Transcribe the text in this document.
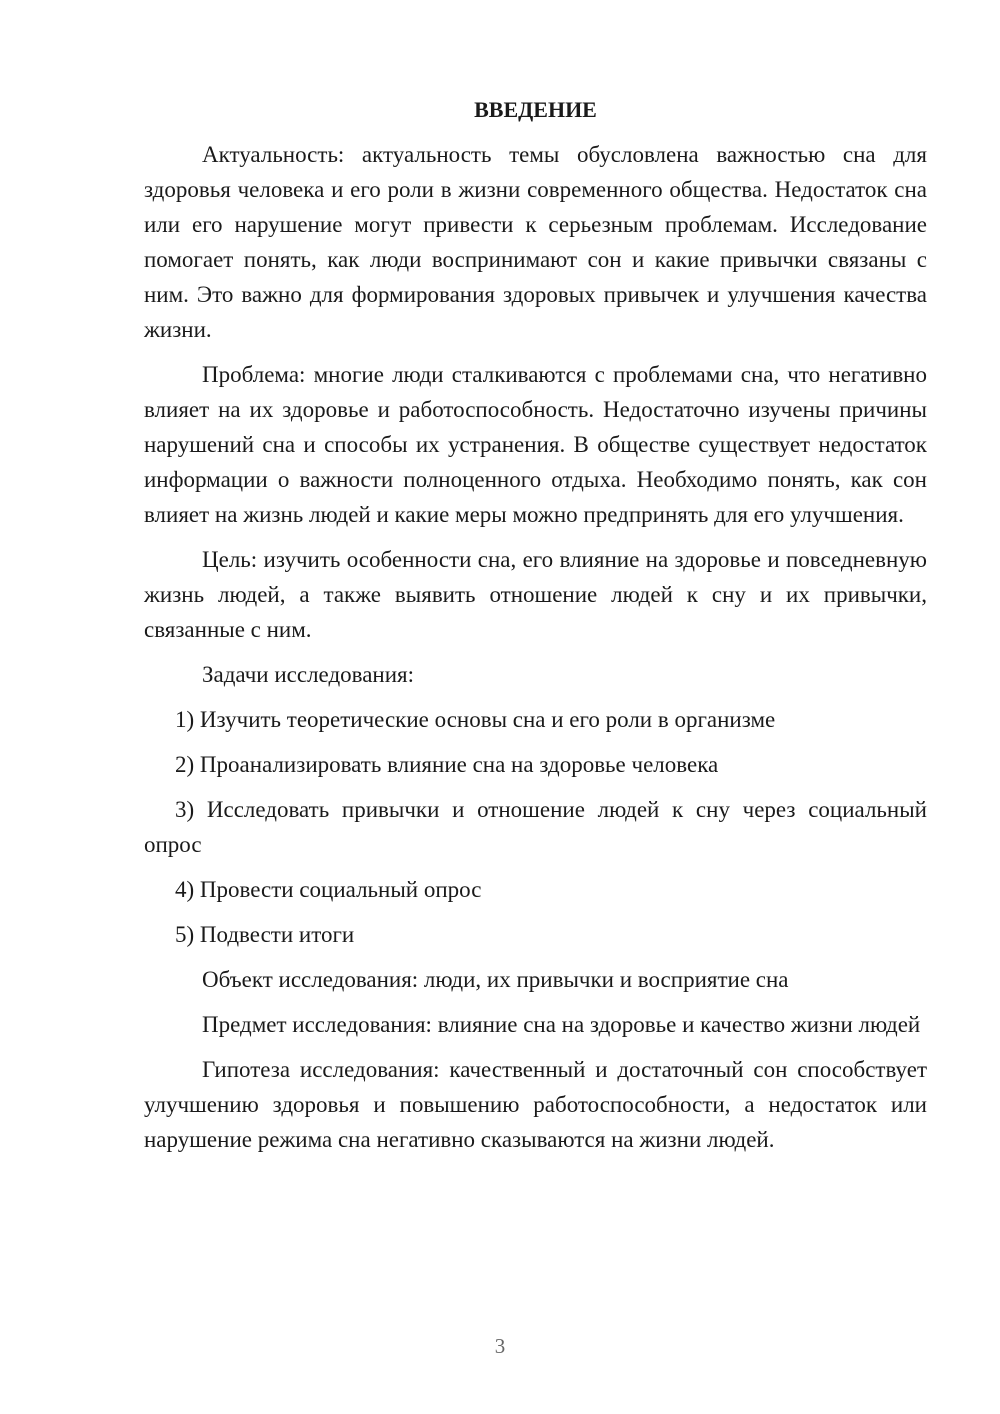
ВВЕДЕНИЕ

Актуальность: актуальность темы обусловлена важностью сна для здоровья человека и его роли в жизни современного общества. Недостаток сна или его нарушение могут привести к серьезным проблемам. Исследование помогает понять, как люди воспринимают сон и какие привычки связаны с ним. Это важно для формирования здоровых привычек и улучшения качества жизни.

Проблема: многие люди сталкиваются с проблемами сна, что негативно влияет на их здоровье и работоспособность. Недостаточно изучены причины нарушений сна и способы их устранения. В обществе существует недостаток информации о важности полноценного отдыха. Необходимо понять, как сон влияет на жизнь людей и какие меры можно предпринять для его улучшения.

Цель: изучить особенности сна, его влияние на здоровье и повседневную жизнь людей, а также выявить отношение людей к сну и их привычки, связанные с ним.

Задачи исследования:

1) Изучить теоретические основы сна и его роли в организме

2) Проанализировать влияние сна на здоровье человека

3) Исследовать привычки и отношение людей к сну через социальный опрос

4) Провести социальный опрос

5) Подвести итоги

Объект исследования: люди, их привычки и восприятие сна

Предмет исследования: влияние сна на здоровье и качество жизни людей

Гипотеза исследования: качественный и достаточный сон способствует улучшению здоровья и повышению работоспособности, а недостаток или нарушение режима сна негативно сказываются на жизни людей.

3
